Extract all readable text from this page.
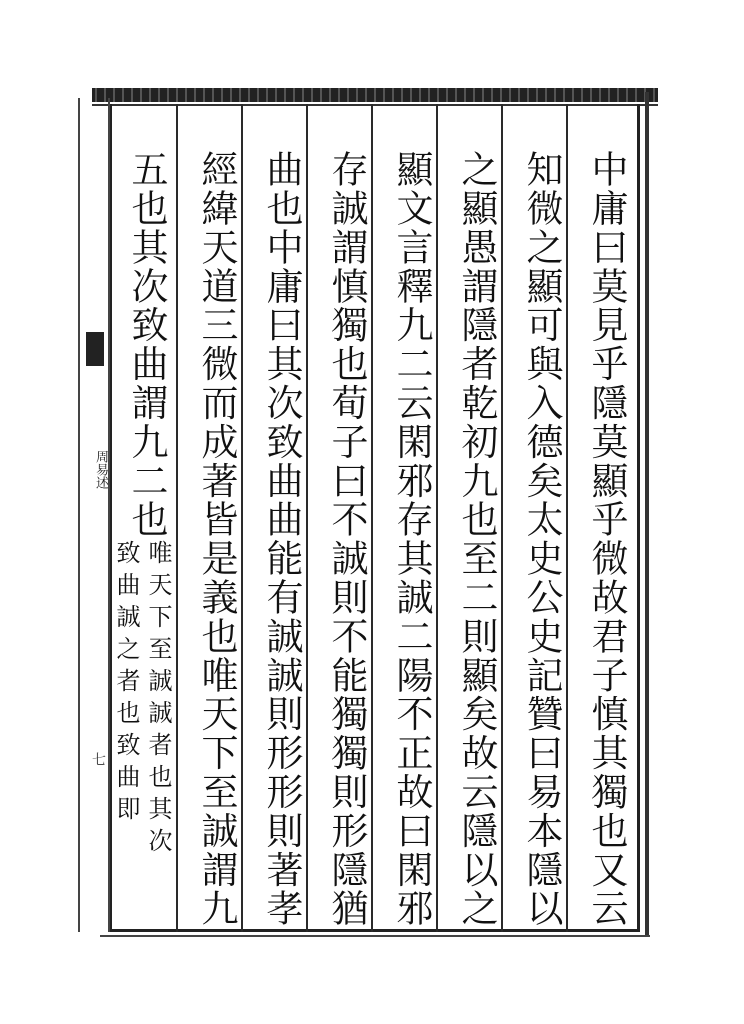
周易述
七	中庸曰莫見乎隱莫顯乎微故君子慎其獨也又云
知微之顯可與入德矣太史公史記贊曰易本隱以
之顯愚謂隱者乾初九也至二則顯矣故云隱以之
顯文言釋九二云閑邪存其誠二陽不正故曰閑邪
存誠謂慎獨也荀子曰不誠則不能獨獨則形隱猶
曲也中庸曰其次致曲曲能有誠誠則形形則著孝
經緯天道三微而成著皆是義也唯天下至誠謂九
五也其次致曲謂九二也
唯天下至誠誠者也其次
致曲誠之者也致曲即
